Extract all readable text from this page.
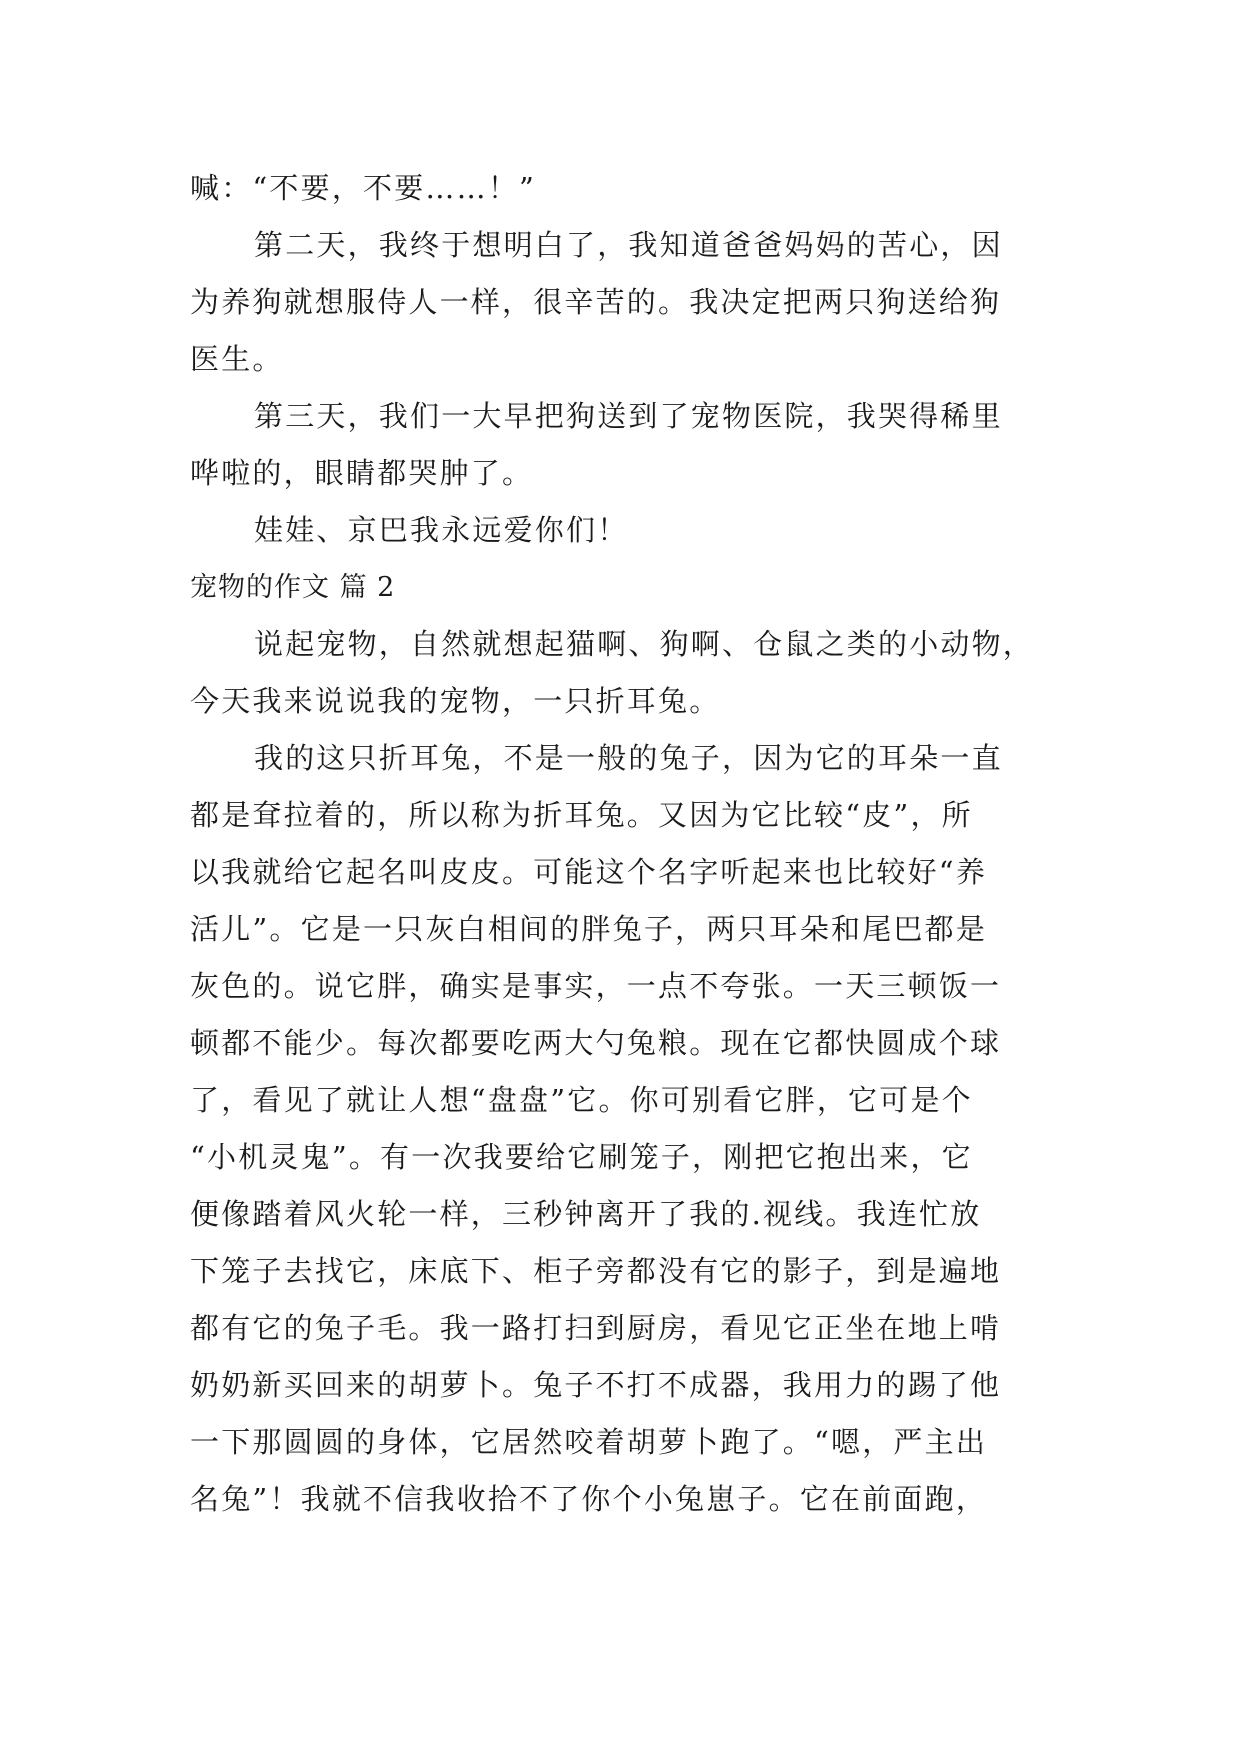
喊：“不要，不要……！”
第二天，我终于想明白了，我知道爸爸妈妈的苦心，因
为养狗就想服侍人一样，很辛苦的。我决定把两只狗送给狗
医生。
第三天，我们一大早把狗送到了宠物医院，我哭得稀里
哗啦的，眼睛都哭肿了。
娃娃、京巴我永远爱你们！
宠物的作文 篇 2
说起宠物，自然就想起猫啊、狗啊、仓鼠之类的小动物，
今天我来说说我的宠物，一只折耳兔。
我的这只折耳兔，不是一般的兔子，因为它的耳朵一直
都是耷拉着的，所以称为折耳兔。又因为它比较“皮”，所
以我就给它起名叫皮皮。可能这个名字听起来也比较好“养
活儿”。它是一只灰白相间的胖兔子，两只耳朵和尾巴都是
灰色的。说它胖，确实是事实，一点不夸张。一天三顿饭一
顿都不能少。每次都要吃两大勺兔粮。现在它都快圆成个球
了，看见了就让人想“盘盘”它。你可别看它胖，它可是个
“小机灵鬼”。有一次我要给它刷笼子，刚把它抱出来，它
便像踏着风火轮一样，三秒钟离开了我的.视线。我连忙放
下笼子去找它，床底下、柜子旁都没有它的影子，到是遍地
都有它的兔子毛。我一路打扫到厨房，看见它正坐在地上啃
奶奶新买回来的胡萝卜。兔子不打不成器，我用力的踢了他
一下那圆圆的身体，它居然咬着胡萝卜跑了。“嗯，严主出
名兔”！我就不信我收拾不了你个小兔崽子。它在前面跑，
